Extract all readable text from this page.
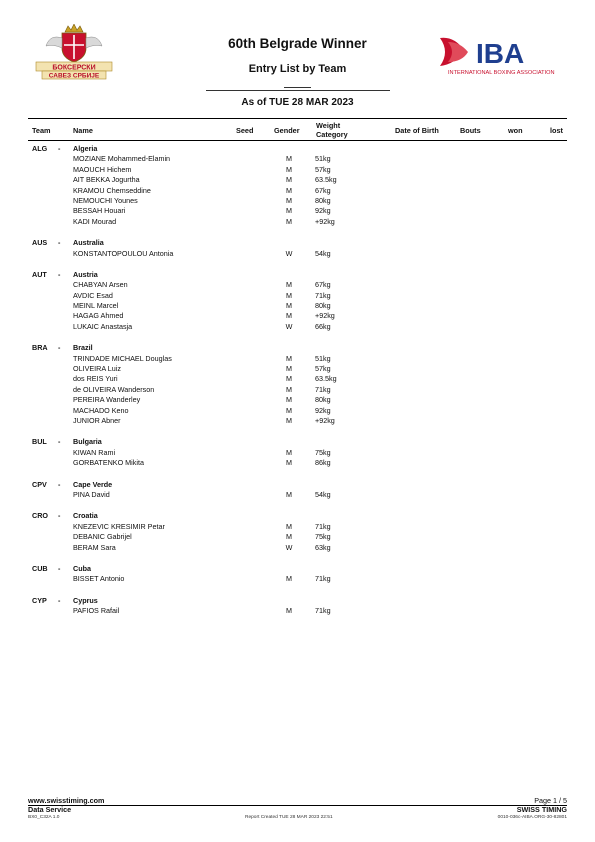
БОКСЕРСКИ
САВЕЗ СРБИЈЕ
60th Belgrade Winner
Entry List by Team
As of TUE 28 MAR 2023
IBA
INTERNATIONAL BOXING ASSOCIATION
Team	Name	Seed	Gender
Weight
Category	Date of Birth	Bouts	won	lost
ALG - Algeria
MOZIANE Mohammed-Elamin	M	51kg
MAOUCH Hichem	M	57kg
AIT BEKKA Jogurtha	M	63.5kg
KRAMOU Chemseddine	M	67kg
NEMOUCHI Younes	M	80kg
BESSAH Houari	M	92kg
KADI Mourad	M	+92kg
AUS - Australia
KONSTANTOPOULOU Antonia	W	54kg
AUT - Austria
CHABYAN Arsen	M	67kg
AVDIC Esad	M	71kg
MEINL Marcel	M	80kg
HAGAG Ahmed	M	+92kg
LUKAIC Anastasja	W	66kg
BRA - Brazil
TRINDADE MICHAEL Douglas	M	51kg
OLIVEIRA Luiz	M	57kg
dos REIS Yuri	M	63.5kg
de OLIVEIRA Wanderson	M	71kg
PEREIRA Wanderley	M	80kg
MACHADO Keno	M	92kg
JUNIOR Abner	M	+92kg
BUL - Bulgaria
KIWAN Rami	M	75kg
GORBATENKO Mikita	M	86kg
CPV - Cape Verde
PINA David	M	54kg
CRO - Croatia
KNEZEVIC KRESIMIR Petar	M	71kg
DEBANIC Gabrijel	M	75kg
BERAM Sara	W	63kg
CUB - Cuba
BISSET Antonio	M	71kg
CYP - Cyprus
PAFIOS Rafail	M	71kg
www.swisstiming.com	Page 1 / 5
Data Service	SWISS TIMING
BX0_C32A 1.0	Report Created TUE 28 MAR 2023 22:51	0010-036c-AIBA.ORG-30-82801
